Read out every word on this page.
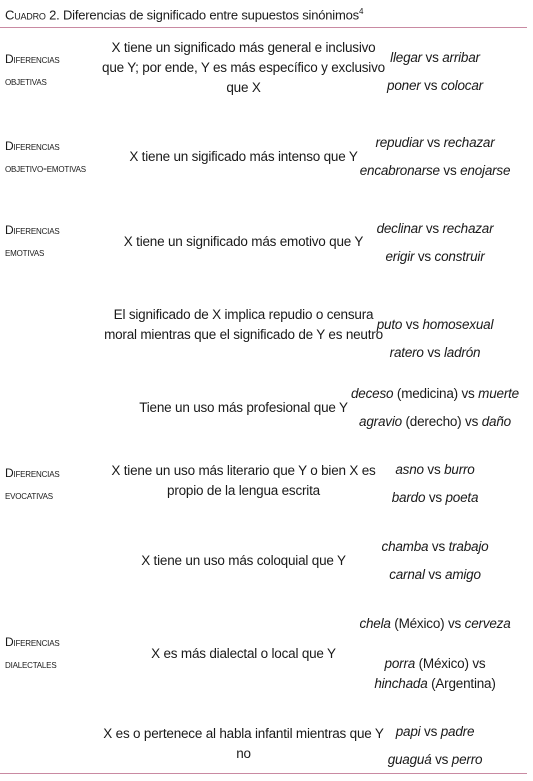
Cuadro 2. Diferencias de significado entre supuestos sinónimos$^4$
Diferencias
objetivas
X tiene un significado más general e inclusivo que Y; por ende, Y es más específico y exclusivo que X
llegar vs arribar
poner vs colocar
Diferencias
objetivo-emotivas
X tiene un sigificado más intenso que Y
repudiar vs rechazar
encabronarse vs enojarse
Diferencias
emotivas
X tiene un significado más emotivo que Y
declinar vs rechazar
erigir vs construir
El significado de X implica repudio o censura moral mientras que el significado de Y es neutro
puto vs homosexual
ratero vs ladrón
Tiene un uso más profesional que Y
deceso (medicina) vs muerte
agravio (derecho) vs daño
Diferencias
evocativas
X tiene un uso más literario que Y o bien X es propio de la lengua escrita
asno vs burro
bardo vs poeta
X tiene un uso más coloquial que Y
chamba vs trabajo
carnal vs amigo
Diferencias
dialectales
X es más dialectal o local que Y
chela (México) vs cerveza
porra (México) vs
hinchada (Argentina)
X es o pertenece al habla infantil mientras que Y no
papi vs padre
guaguá vs perro
